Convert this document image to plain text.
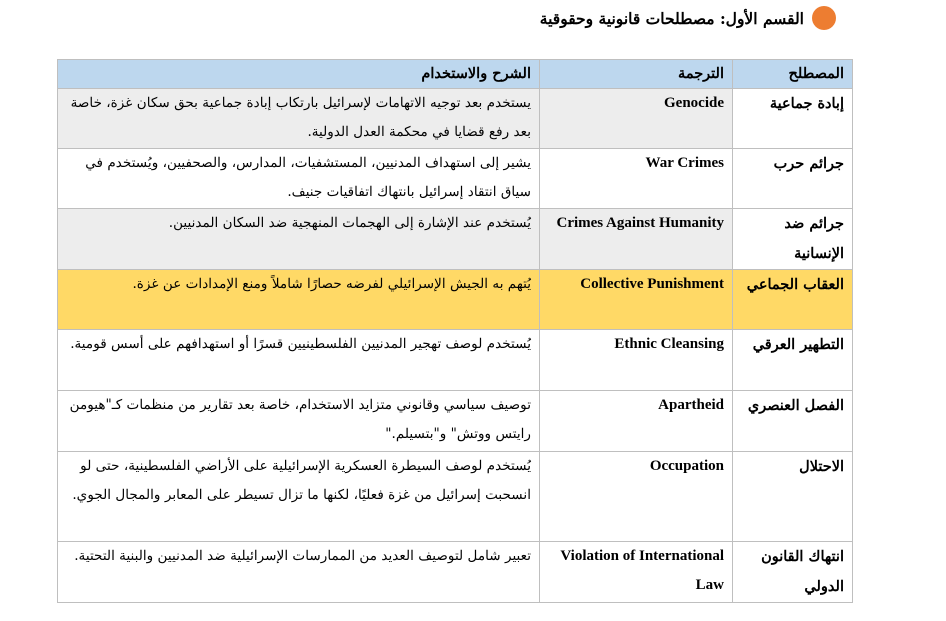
القسم الأول: مصطلحات قانونية وحقوقية
المصطلح	الترجمة	الشرح والاستخدام
إبادة جماعية	Genocide	يستخدم بعد توجيه الاتهامات لإسرائيل بارتكاب إبادة جماعية بحق سكان غزة، خاصة بعد رفع قضايا في محكمة العدل الدولية.
جرائم حرب	War Crimes	يشير إلى استهداف المدنيين، المستشفيات، المدارس، والصحفيين، ويُستخدم في سياق انتقاد إسرائيل بانتهاك اتفاقيات جنيف.
جرائم ضد الإنسانية	Crimes Against Humanity	يُستخدم عند الإشارة إلى الهجمات المنهجية ضد السكان المدنيين.
العقاب الجماعي	Collective Punishment	يُتهم به الجيش الإسرائيلي لفرضه حصارًا شاملاً ومنع الإمدادات عن غزة.
التطهير العرقي	Ethnic Cleansing	يُستخدم لوصف تهجير المدنيين الفلسطينيين قسرًا أو استهدافهم على أسس قومية.
الفصل العنصري	Apartheid	توصيف سياسي وقانوني متزايد الاستخدام، خاصة بعد تقارير من منظمات كـ"هيومن رايتس ووتش" و"بتسيلم."
الاحتلال	Occupation	يُستخدم لوصف السيطرة العسكرية الإسرائيلية على الأراضي الفلسطينية، حتى لو انسحبت إسرائيل من غزة فعليًا، لكنها ما تزال تسيطر على المعابر والمجال الجوي.
انتهاك القانون الدولي	Violation of International Law	تعبير شامل لتوصيف العديد من الممارسات الإسرائيلية ضد المدنيين والبنية التحتية.
